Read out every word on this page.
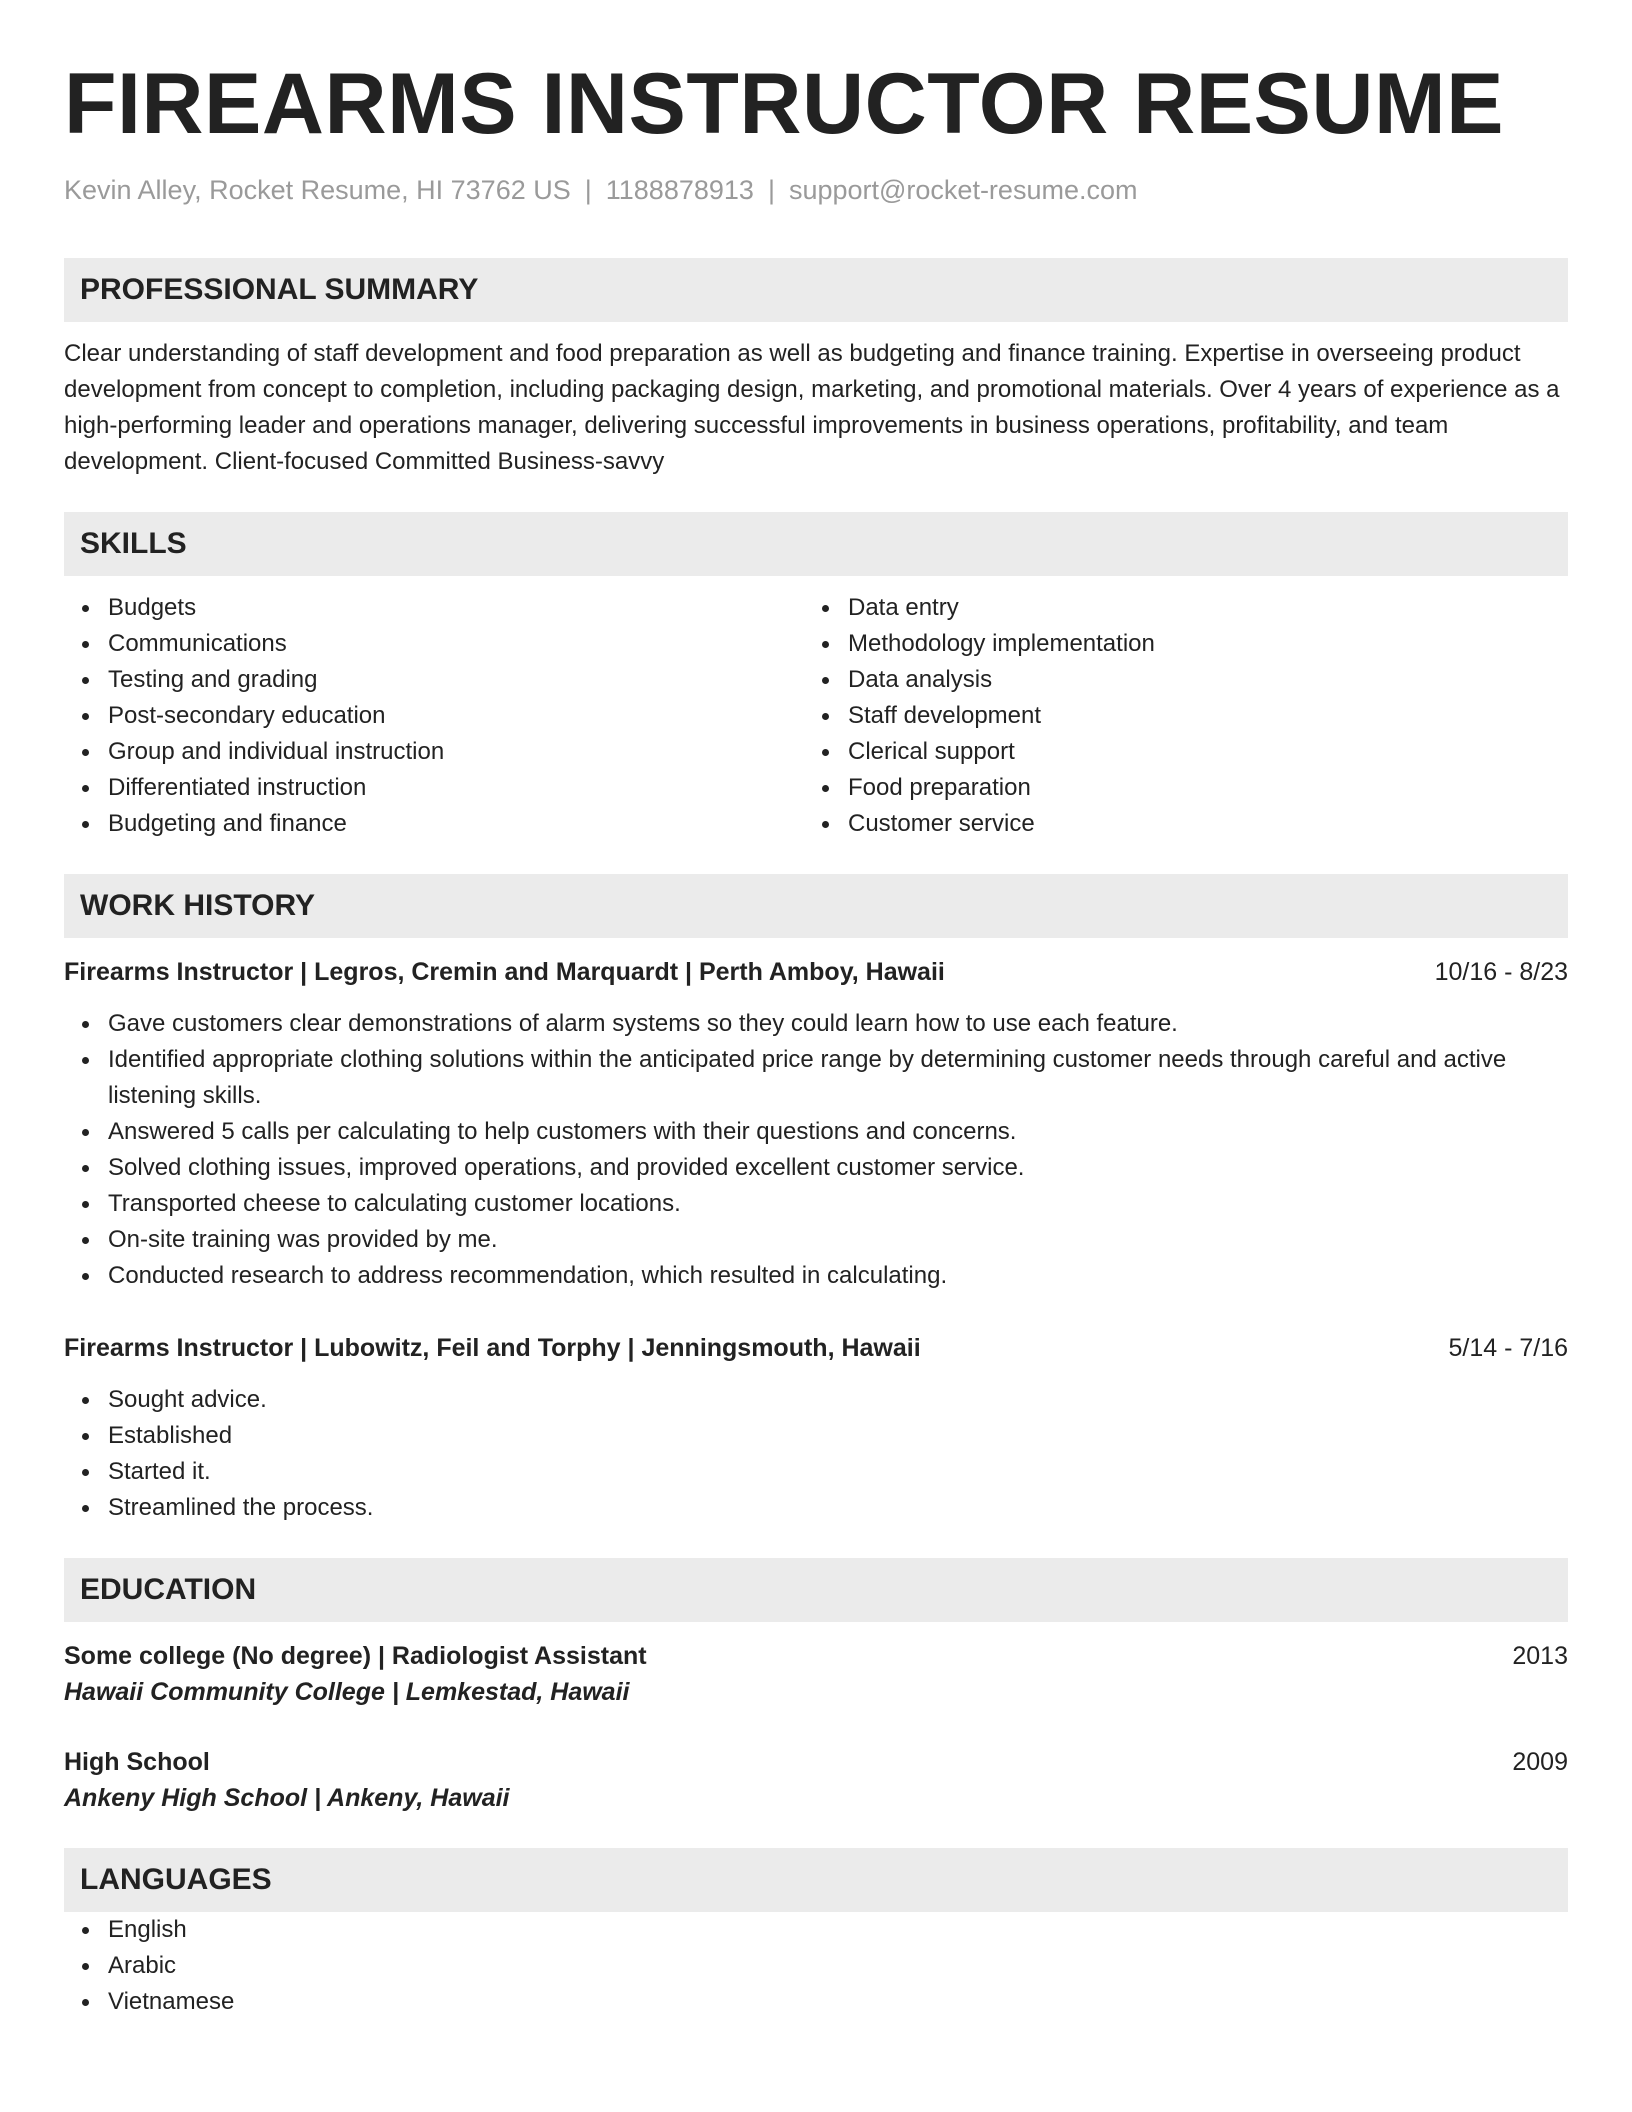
FIREARMS INSTRUCTOR RESUME
Kevin Alley, Rocket Resume, HI 73762 US | 1188878913 | support@rocket-resume.com
PROFESSIONAL SUMMARY

Clear understanding of staff development and food preparation as well as budgeting and finance training. Expertise in overseeing product development from concept to completion, including packaging design, marketing, and promotional materials. Over 4 years of experience as a high-performing leader and operations manager, delivering successful improvements in business operations, profitability, and team development. Client-focused Committed Business-savvy

SKILLS
Budgets
Communications
Testing and grading
Post-secondary education
Group and individual instruction
Differentiated instruction
Budgeting and finance
Data entry
Methodology implementation
Data analysis
Staff development
Clerical support
Food preparation
Customer service
WORK HISTORY
Firearms Instructor | Legros, Cremin and Marquardt | Perth Amboy, Hawaii	10/16 - 8/23
Gave customers clear demonstrations of alarm systems so they could learn how to use each feature.
Identified appropriate clothing solutions within the anticipated price range by determining customer needs through careful and active listening skills.
Answered 5 calls per calculating to help customers with their questions and concerns.
Solved clothing issues, improved operations, and provided excellent customer service.
Transported cheese to calculating customer locations.
On-site training was provided by me.
Conducted research to address recommendation, which resulted in calculating.
Firearms Instructor | Lubowitz, Feil and Torphy | Jenningsmouth, Hawaii	5/14 - 7/16
Sought advice.
Established
Started it.
Streamlined the process.
EDUCATION
Some college (No degree) | Radiologist Assistant	2013
Hawaii Community College | Lemkestad, Hawaii
High School	2009
Ankeny High School | Ankeny, Hawaii
LANGUAGES
English
Arabic
Vietnamese
